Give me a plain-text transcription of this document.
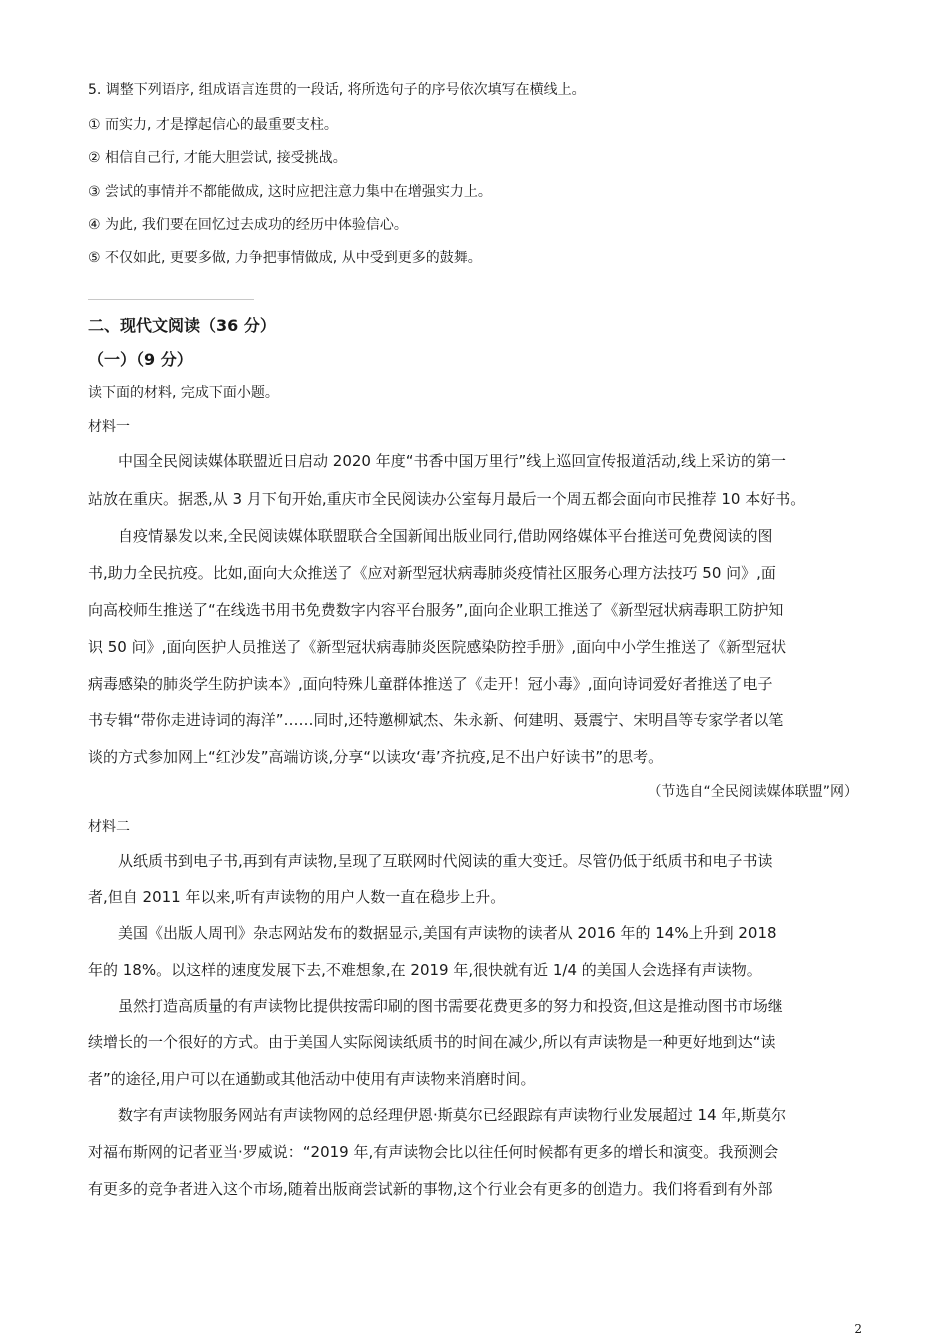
5. 调整下列语序, 组成语言连贯的一段话, 将所选句子的序号依次填写在横线上。
① 而实力, 才是撑起信心的最重要支柱。
② 相信自己行, 才能大胆尝试, 接受挑战。
③ 尝试的事情并不都能做成, 这时应把注意力集中在增强实力上。
④ 为此, 我们要在回忆过去成功的经历中体验信心。
⑤ 不仅如此, 更要多做, 力争把事情做成, 从中受到更多的鼓舞。
二、现代文阅读（36 分）
（一）（9 分）
读下面的材料, 完成下面小题。
材料一
中国全民阅读媒体联盟近日启动 2020 年度“书香中国万里行”线上巡回宣传报道活动,线上采访的第一
站放在重庆。据悉,从 3 月下旬开始,重庆市全民阅读办公室每月最后一个周五都会面向市民推荐 10 本好书。
自疫情暴发以来,全民阅读媒体联盟联合全国新闻出版业同行,借助网络媒体平台推送可免费阅读的图
书,助力全民抗疫。比如,面向大众推送了《应对新型冠状病毒肺炎疫情社区服务心理方法技巧 50 问》,面
向高校师生推送了“在线选书用书免费数字内容平台服务”,面向企业职工推送了《新型冠状病毒职工防护知
识 50 问》,面向医护人员推送了《新型冠状病毒肺炎医院感染防控手册》,面向中小学生推送了《新型冠状
病毒感染的肺炎学生防护读本》,面向特殊儿童群体推送了《走开！冠小毒》,面向诗词爱好者推送了电子
书专辑“带你走进诗词的海洋”……同时,还特邀柳斌杰、朱永新、何建明、聂震宁、宋明昌等专家学者以笔
谈的方式参加网上“红沙发”高端访谈,分享“以读攻‘毒’齐抗疫,足不出户好读书”的思考。
（节选自“全民阅读媒体联盟”网）
材料二
从纸质书到电子书,再到有声读物,呈现了互联网时代阅读的重大变迁。尽管仍低于纸质书和电子书读
者,但自 2011 年以来,听有声读物的用户人数一直在稳步上升。
美国《出版人周刊》杂志网站发布的数据显示,美国有声读物的读者从 2016 年的 14%上升到 2018
年的 18%。以这样的速度发展下去,不难想象,在 2019 年,很快就有近 1/4 的美国人会选择有声读物。
虽然打造高质量的有声读物比提供按需印刷的图书需要花费更多的努力和投资,但这是推动图书市场继
续增长的一个很好的方式。由于美国人实际阅读纸质书的时间在减少,所以有声读物是一种更好地到达“读
者”的途径,用户可以在通勤或其他活动中使用有声读物来消磨时间。
数字有声读物服务网站有声读物网的总经理伊恩·斯莫尔已经跟踪有声读物行业发展超过 14 年,斯莫尔
对福布斯网的记者亚当·罗威说：“2019 年,有声读物会比以往任何时候都有更多的增长和演变。我预测会
有更多的竞争者进入这个市场,随着出版商尝试新的事物,这个行业会有更多的创造力。我们将看到有外部
2
